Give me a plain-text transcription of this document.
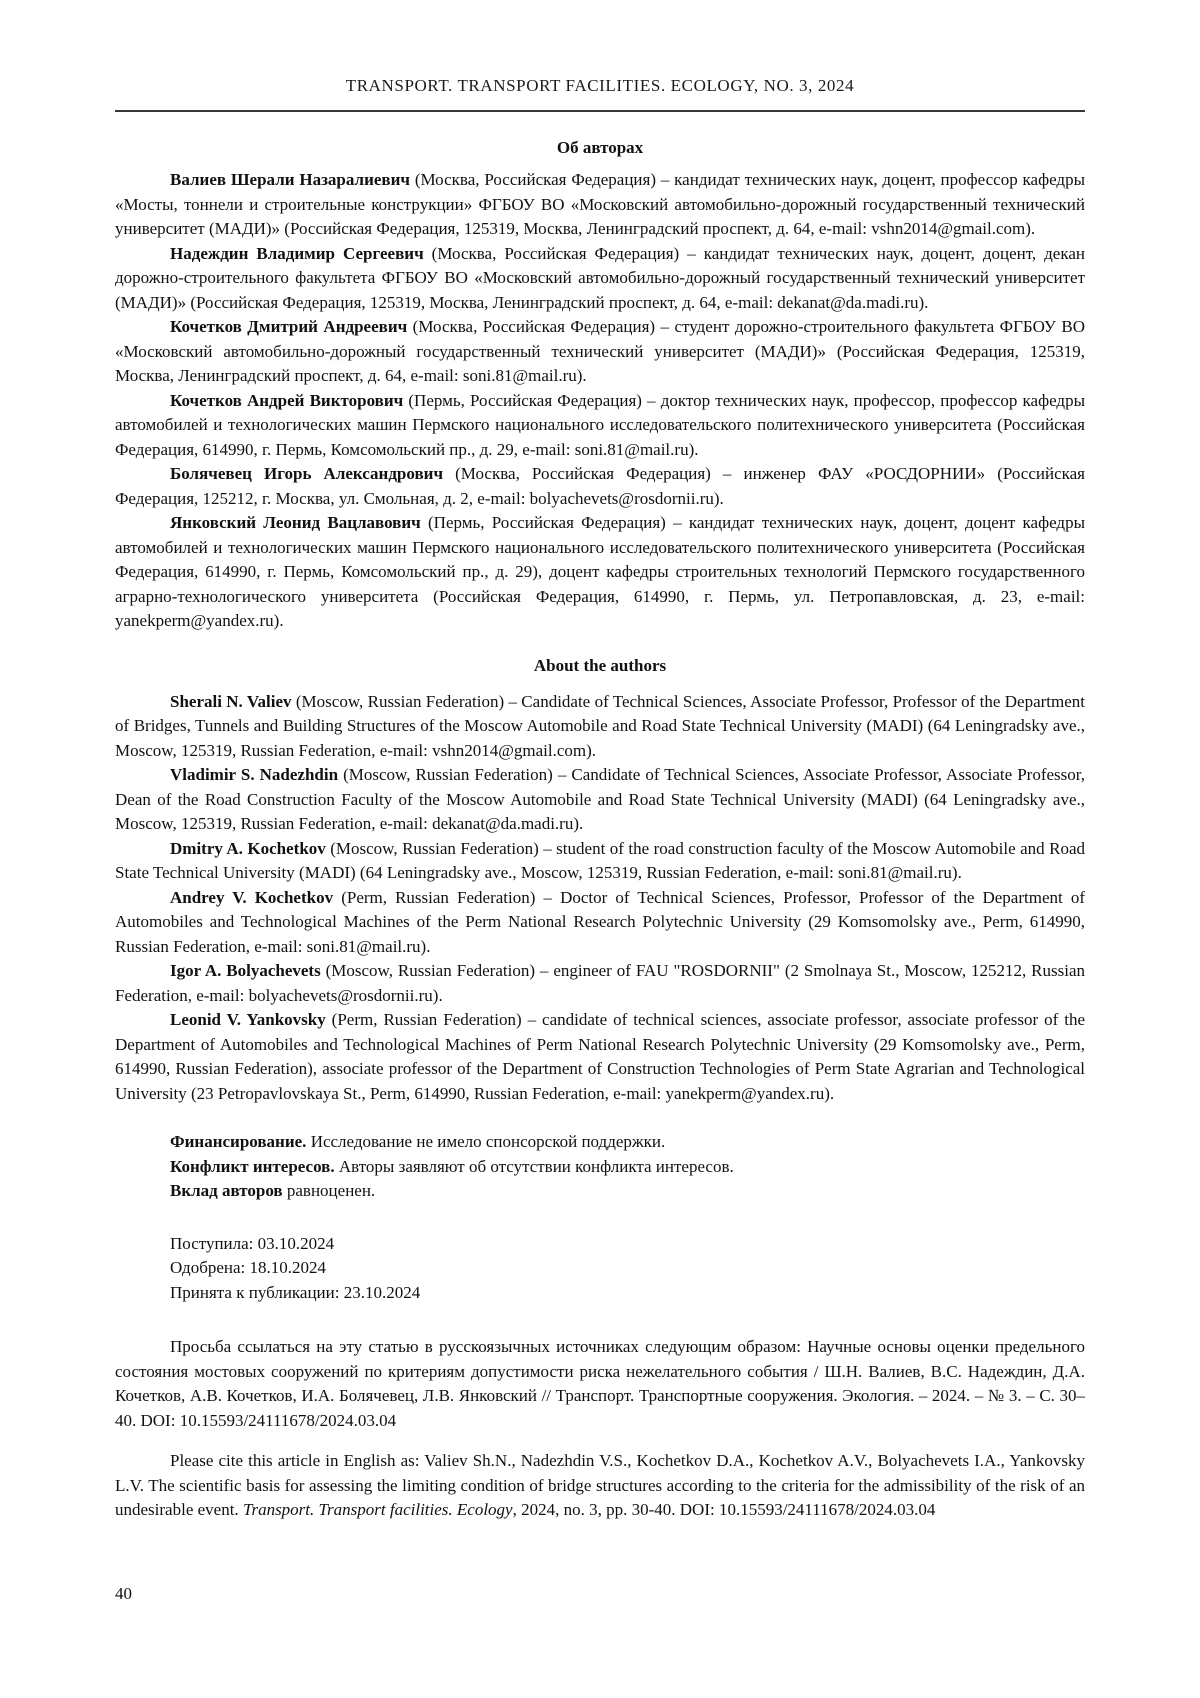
TRANSPORT. TRANSPORT FACILITIES. ECOLOGY, NO. 3, 2024
Об авторах

Валиев Шерали Назаралиевич (Москва, Российская Федерация) – кандидат технических наук, доцент, профессор кафедры «Мосты, тоннели и строительные конструкции» ФГБОУ ВО «Московский автомобильно-дорожный государственный технический университет (МАДИ)» (Российская Федерация, 125319, Москва, Ленинградский проспект, д. 64, e-mail: vshn2014@gmail.com).

Надеждин Владимир Сергеевич (Москва, Российская Федерация) – кандидат технических наук, доцент, доцент, декан дорожно-строительного факультета ФГБОУ ВО «Московский автомобильно-дорожный государственный технический университет (МАДИ)» (Российская Федерация, 125319, Москва, Ленинградский проспект, д. 64, e-mail: dekanat@da.madi.ru).

Кочетков Дмитрий Андреевич (Москва, Российская Федерация) – студент дорожно-строительного факультета ФГБОУ ВО «Московский автомобильно-дорожный государственный технический университет (МАДИ)» (Российская Федерация, 125319, Москва, Ленинградский проспект, д. 64, e-mail: soni.81@mail.ru).

Кочетков Андрей Викторович (Пермь, Российская Федерация) – доктор технических наук, профессор, профессор кафедры автомобилей и технологических машин Пермского национального исследовательского политехнического университета (Российская Федерация, 614990, г. Пермь, Комсомольский пр., д. 29, e-mail: soni.81@mail.ru).

Болячевец Игорь Александрович (Москва, Российская Федерация) – инженер ФАУ «РОСДОРНИИ» (Российская Федерация, 125212, г. Москва, ул. Смольная, д. 2, e-mail: bolyachevets@rosdornii.ru).

Янковский Леонид Вацлавович (Пермь, Российская Федерация) – кандидат технических наук, доцент, доцент кафедры автомобилей и технологических машин Пермского национального исследовательского политехнического университета (Российская Федерация, 614990, г. Пермь, Комсомольский пр., д. 29), доцент кафедры строительных технологий Пермского государственного аграрно-технологического университета (Российская Федерация, 614990, г. Пермь, ул. Петропавловская, д. 23, e-mail: yanekperm@yandex.ru).

About the authors

Sherali N. Valiev (Moscow, Russian Federation) – Candidate of Technical Sciences, Associate Professor, Professor of the Department of Bridges, Tunnels and Building Structures of the Moscow Automobile and Road State Technical University (MADI) (64 Leningradsky ave., Moscow, 125319, Russian Federation, e-mail: vshn2014@gmail.com).

Vladimir S. Nadezhdin (Moscow, Russian Federation) – Candidate of Technical Sciences, Associate Professor, Associate Professor, Dean of the Road Construction Faculty of the Moscow Automobile and Road State Technical University (MADI) (64 Leningradsky ave., Moscow, 125319, Russian Federation, e-mail: dekanat@da.madi.ru).

Dmitry A. Kochetkov (Moscow, Russian Federation) – student of the road construction faculty of the Moscow Automobile and Road State Technical University (MADI) (64 Leningradsky ave., Moscow, 125319, Russian Federation, e-mail: soni.81@mail.ru).

Andrey V. Kochetkov (Perm, Russian Federation) – Doctor of Technical Sciences, Professor, Professor of the Department of Automobiles and Technological Machines of the Perm National Research Polytechnic University (29 Komsomolsky ave., Perm, 614990, Russian Federation, e-mail: soni.81@mail.ru).

Igor A. Bolyachevets (Moscow, Russian Federation) – engineer of FAU "ROSDORNII" (2 Smolnaya St., Moscow, 125212, Russian Federation, e-mail: bolyachevets@rosdornii.ru).

Leonid V. Yankovsky (Perm, Russian Federation) – candidate of technical sciences, associate professor, associate professor of the Department of Automobiles and Technological Machines of Perm National Research Polytechnic University (29 Komsomolsky ave., Perm, 614990, Russian Federation), associate professor of the Department of Construction Technologies of Perm State Agrarian and Technological University (23 Petropavlovskaya St., Perm, 614990, Russian Federation, e-mail: yanekperm@yandex.ru).

Финансирование. Исследование не имело спонсорской поддержки.

Конфликт интересов. Авторы заявляют об отсутствии конфликта интересов.

Вклад авторов равноценен.

Поступила: 03.10.2024

Одобрена: 18.10.2024

Принята к публикации: 23.10.2024

Просьба ссылаться на эту статью в русскоязычных источниках следующим образом: Научные основы оценки предельного состояния мостовых сооружений по критериям допустимости риска нежелательного события / Ш.Н. Валиев, В.С. Надеждин, Д.А. Кочетков, А.В. Кочетков, И.А. Болячевец, Л.В. Янковский // Транспорт. Транспортные сооружения. Экология. – 2024. – № 3. – С. 30–40. DOI: 10.15593/24111678/2024.03.04

Please cite this article in English as: Valiev Sh.N., Nadezhdin V.S., Kochetkov D.A., Kochetkov A.V., Bolyachevets I.A., Yankovsky L.V. The scientific basis for assessing the limiting condition of bridge structures according to the criteria for the admissibility of the risk of an undesirable event. Transport. Transport facilities. Ecology, 2024, no. 3, pp. 30-40. DOI: 10.15593/24111678/2024.03.04

40
